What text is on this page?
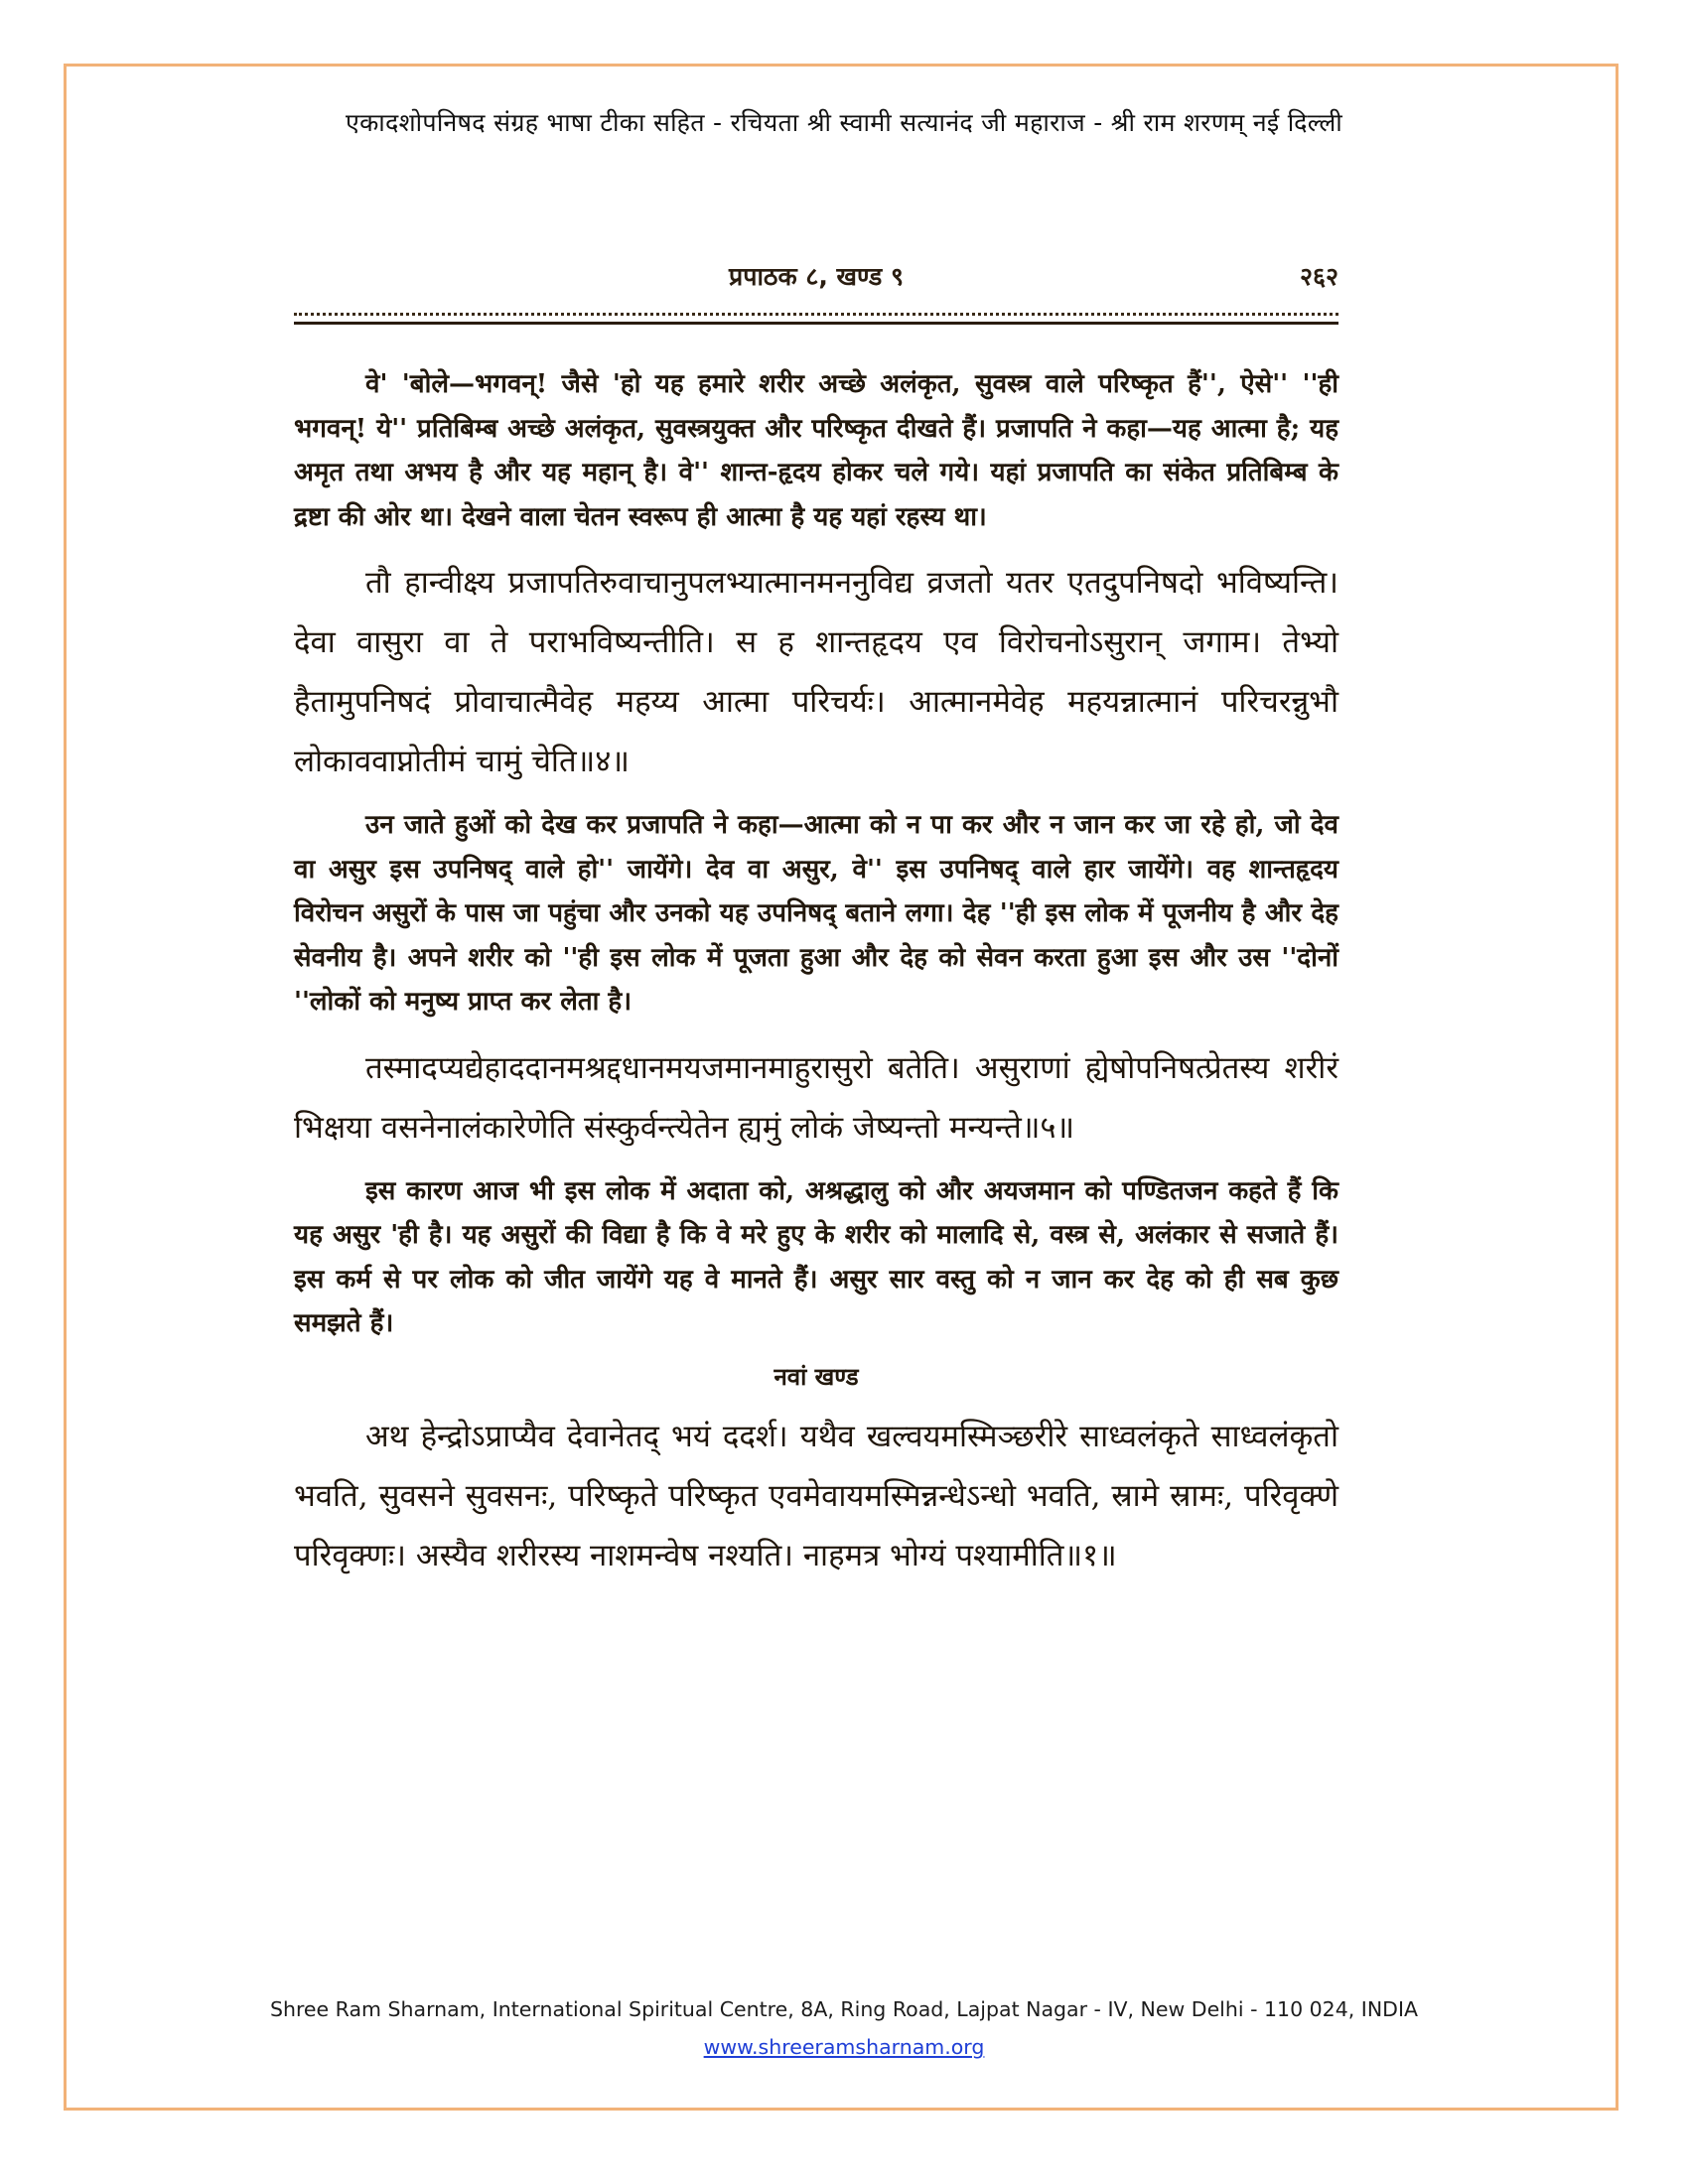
एकादशोपनिषद संग्रह भाषा टीका सहित - रचियता श्री स्वामी सत्यानंद जी महाराज - श्री राम शरणम् नई दिल्ली
प्रपाठक ८, खण्ड ९	२६२

वे' 'बोले—भगवन्! जैसे 'हो यह हमारे शरीर अच्छे अलंकृत, सुवस्त्र वाले परिष्कृत हैं'', ऐसे'' ''ही भगवन्! ये'' प्रतिबिम्ब अच्छे अलंकृत, सुवस्त्रयुक्त और परिष्कृत दीखते हैं। प्रजापति ने कहा—यह आत्मा है; यह अमृत तथा अभय है और यह महान् है। वे'' शान्त-हृदय होकर चले गये। यहां प्रजापति का संकेत प्रतिबिम्ब के द्रष्टा की ओर था। देखने वाला चेतन स्वरूप ही आत्मा है यह यहां रहस्य था।

तौ हान्वीक्ष्य प्रजापतिरुवाचानुपलभ्यात्मानमननुविद्य व्रजतो यतर एतदुपनिषदो भविष्यन्ति। देवा वासुरा वा ते पराभविष्यन्तीति। स ह शान्तहृदय एव विरोचनोऽसुरान् जगाम। तेभ्यो हैतामुपनिषदं प्रोवाचात्मैवेह महय्य आत्मा परिचर्यः। आत्मानमेवेह महयन्नात्मानं परिचरन्नुभौ लोकाववाप्नोतीमं चामुं चेति॥४॥

उन जाते हुओं को देख कर प्रजापति ने कहा—आत्मा को न पा कर और न जान कर जा रहे हो, जो देव वा असुर इस उपनिषद् वाले हो'' जायेंगे। देव वा असुर, वे'' इस उपनिषद् वाले हार जायेंगे। वह शान्तहृदय विरोचन असुरों के पास जा पहुंचा और उनको यह उपनिषद् बताने लगा। देह ''ही इस लोक में पूजनीय है और देह सेवनीय है। अपने शरीर को ''ही इस लोक में पूजता हुआ और देह को सेवन करता हुआ इस और उस ''दोनों ''लोकों को मनुष्य प्राप्त कर लेता है।

तस्मादप्यद्येहाददानमश्रद्दधानमयजमानमाहुरासुरो बतेति। असुराणां ह्येषोपनिषत्प्रेतस्य शरीरं भिक्षया वसनेनालंकारेणेति संस्कुर्वन्त्येतेन ह्यमुं लोकं जेष्यन्तो मन्यन्ते॥५॥

इस कारण आज भी इस लोक में अदाता को, अश्रद्धालु को और अयजमान को पण्डितजन कहते हैं कि यह असुर 'ही है। यह असुरों की विद्या है कि वे मरे हुए के शरीर को मालादि से, वस्त्र से, अलंकार से सजाते हैं। इस कर्म से पर लोक को जीत जायेंगे यह वे मानते हैं। असुर सार वस्तु को न जान कर देह को ही सब कुछ समझते हैं।

नवां खण्ड

अथ हेन्द्रोऽप्राप्यैव देवानेतद् भयं ददर्श। यथैव खल्वयमस्मिञ्छरीरे साध्वलंकृते साध्वलंकृतो भवति, सुवसने सुवसनः, परिष्कृते परिष्कृत एवमेवायमस्मिन्नन्धेऽन्धो भवति, स्रामे स्रामः, परिवृक्णे परिवृक्णः। अस्यैव शरीरस्य नाशमन्वेष नश्यति। नाहमत्र भोग्यं पश्यामीति॥१॥

Shree Ram Sharnam, International Spiritual Centre, 8A, Ring Road, Lajpat Nagar - IV, New Delhi - 110 024, INDIA
www.shreeramsharnam.org
